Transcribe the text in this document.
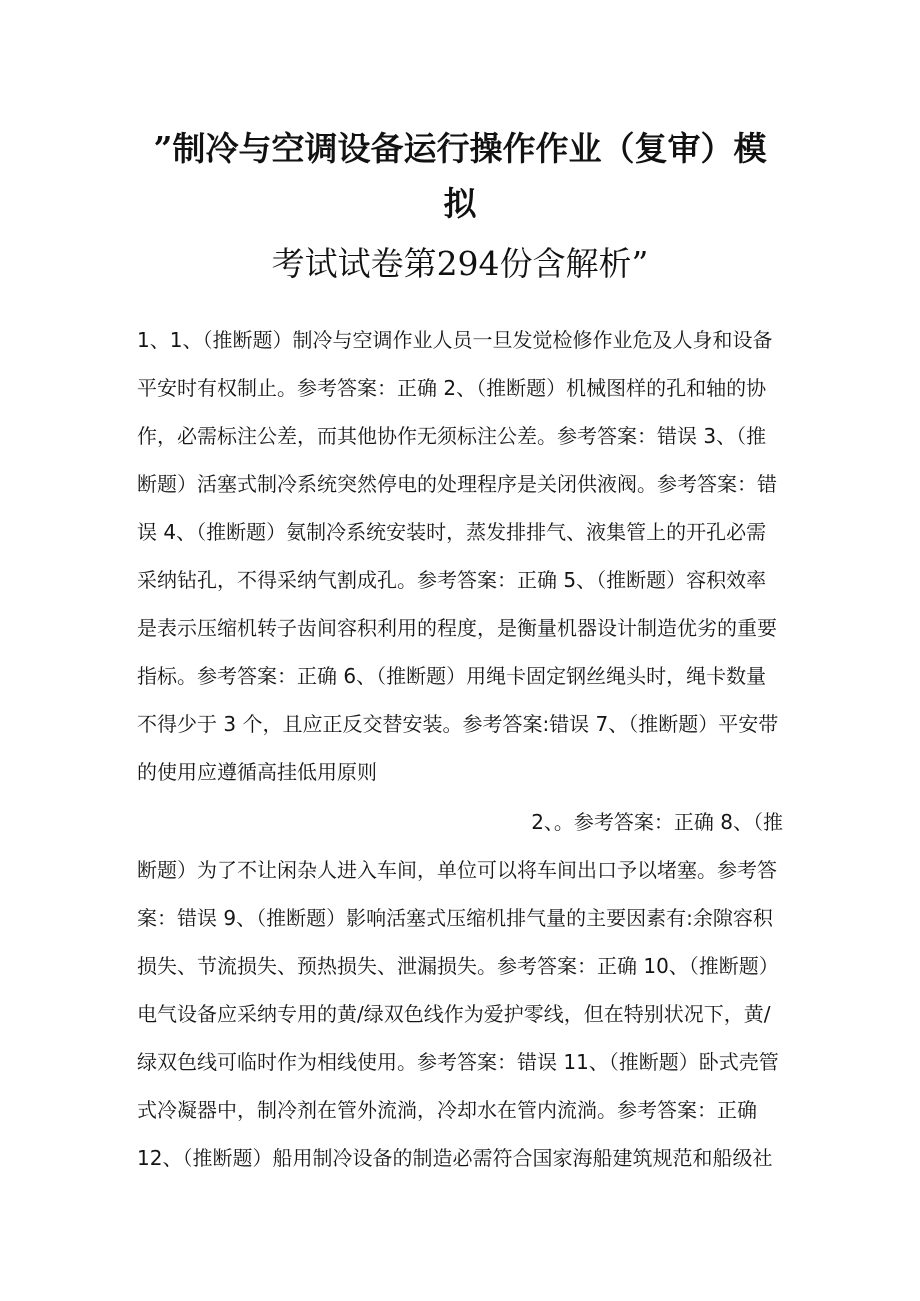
”制冷与空调设备运行操作作业（复审）模
拟
考试试卷第294份含解析”
1、1、（推断题）制冷与空调作业人员一旦发觉检修作业危及人身和设备
平安时有权制止。参考答案：正确 2、（推断题）机械图样的孔和轴的协
作，必需标注公差，而其他协作无须标注公差。参考答案：错误 3、（推
断题）活塞式制冷系统突然停电的处理程序是关闭供液阀。参考答案：错
误 4、（推断题）氨制冷系统安装时，蒸发排排气、液集管上的开孔必需
采纳钻孔，不得采纳气割成孔。参考答案：正确 5、（推断题）容积效率
是表示压缩机转子齿间容积利用的程度，是衡量机器设计制造优劣的重要
指标。参考答案：正确 6、（推断题）用绳卡固定钢丝绳头时，绳卡数量
不得少于 3 个，且应正反交替安装。参考答案:错误 7、（推断题）平安带
的使用应遵循高挂低用原则
2、。参考答案：正确 8、（推
断题）为了不让闲杂人进入车间，单位可以将车间出口予以堵塞。参考答
案：错误 9、（推断题）影响活塞式压缩机排气量的主要因素有:余隙容积
损失、节流损失、预热损失、泄漏损失。参考答案：正确 10、（推断题）
电气设备应采纳专用的黄/绿双色线作为爱护零线，但在特别状况下，黄/
绿双色线可临时作为相线使用。参考答案：错误 11、（推断题）卧式壳管
式冷凝器中，制冷剂在管外流淌，冷却水在管内流淌。参考答案：正确
12、（推断题）船用制冷设备的制造必需符合国家海船建筑规范和船级社
